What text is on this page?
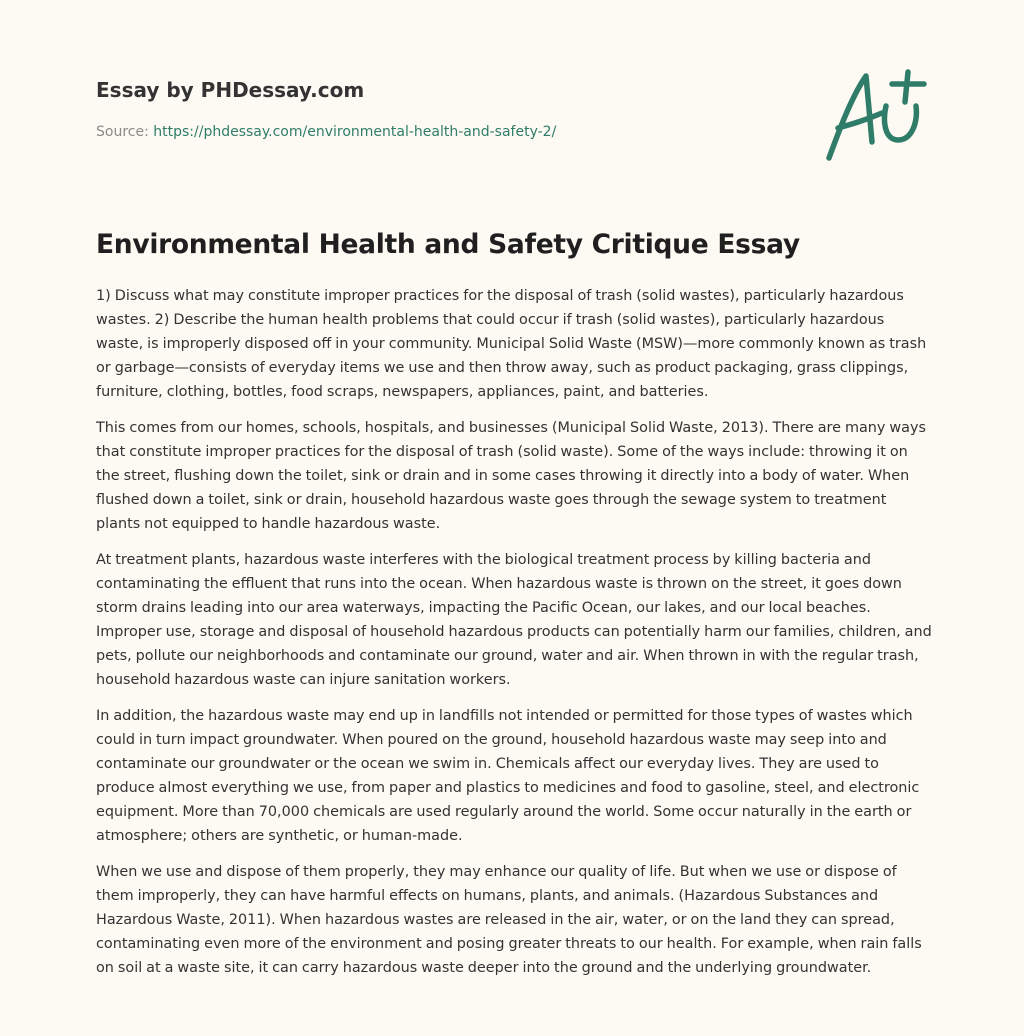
Essay by PHDessay.com
Source: https://phdessay.com/environmental-health-and-safety-2/
Environmental Health and Safety Critique Essay

1) Discuss what may constitute improper practices for the disposal of trash (solid wastes), particularly hazardous wastes. 2) Describe the human health problems that could occur if trash (solid wastes), particularly hazardous waste, is improperly disposed off in your community. Municipal Solid Waste (MSW)—more commonly known as trash or garbage—consists of everyday items we use and then throw away, such as product packaging, grass clippings, furniture, clothing, bottles, food scraps, newspapers, appliances, paint, and batteries.

This comes from our homes, schools, hospitals, and businesses (Municipal Solid Waste, 2013). There are many ways that constitute improper practices for the disposal of trash (solid waste). Some of the ways include: throwing it on the street, flushing down the toilet, sink or drain and in some cases throwing it directly into a body of water. When flushed down a toilet, sink or drain, household hazardous waste goes through the sewage system to treatment plants not equipped to handle hazardous waste.

At treatment plants, hazardous waste interferes with the biological treatment process by killing bacteria and contaminating the effluent that runs into the ocean. When hazardous waste is thrown on the street, it goes down storm drains leading into our area waterways, impacting the Pacific Ocean, our lakes, and our local beaches. Improper use, storage and disposal of household hazardous products can potentially harm our families, children, and pets, pollute our neighborhoods and contaminate our ground, water and air. When thrown in with the regular trash, household hazardous waste can injure sanitation workers.

In addition, the hazardous waste may end up in landfills not intended or permitted for those types of wastes which could in turn impact groundwater. When poured on the ground, household hazardous waste may seep into and contaminate our groundwater or the ocean we swim in. Chemicals affect our everyday lives. They are used to produce almost everything we use, from paper and plastics to medicines and food to gasoline, steel, and electronic equipment. More than 70,000 chemicals are used regularly around the world. Some occur naturally in the earth or atmosphere; others are synthetic, or human-made.

When we use and dispose of them properly, they may enhance our quality of life. But when we use or dispose of them improperly, they can have harmful effects on humans, plants, and animals. (Hazardous Substances and Hazardous Waste, 2011). When hazardous wastes are released in the air, water, or on the land they can spread, contaminating even more of the environment and posing greater threats to our health. For example, when rain falls on soil at a waste site, it can carry hazardous waste deeper into the ground and the underlying groundwater.
